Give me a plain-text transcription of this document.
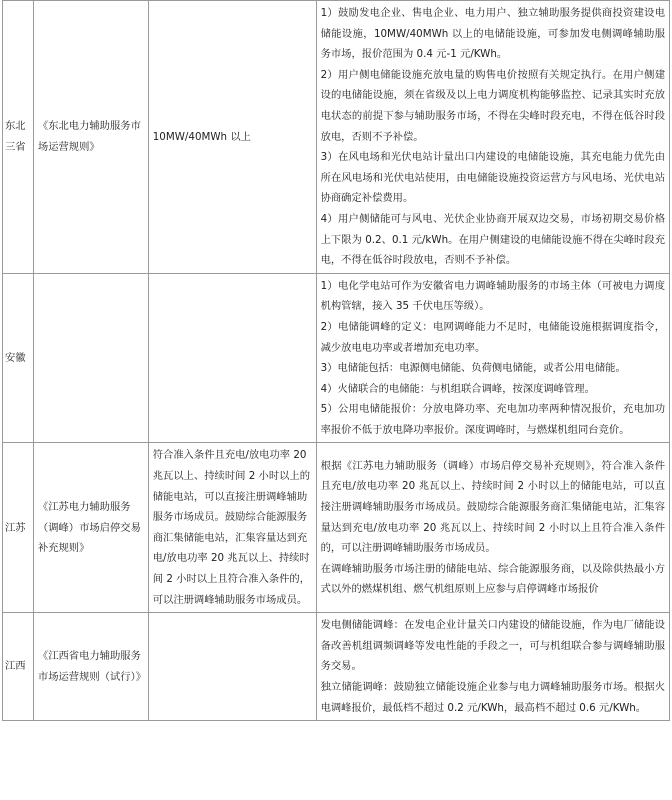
东北三省	《东北电力辅助服务市场运营规则》	10MW/40MWh 以上	1）鼓励发电企业、售电企业、电力用户、独立辅助服务提供商投资建设电储能设施，10MW/40MWh 以上的电储能设施，可参加发电侧调峰辅助服务市场，报价范围为 0.4 元-1 元/KWh。

2）用户侧电储能设施充放电量的购售电价按照有关规定执行。在用户侧建设的电储能设施，须在省级及以上电力调度机构能够监控、记录其实时充放电状态的前提下参与辅助服务市场，不得在尖峰时段充电，不得在低谷时段放电，否则不予补偿。

3）在风电场和光伏电站计量出口内建设的电储能设施，其充电能力优先由所在风电场和光伏电站使用，由电储能设施投资运营方与风电场、光伏电站协商确定补偿费用。

4）用户侧储能可与风电、光伏企业协商开展双边交易，市场初期交易价格上下限为 0.2、0.1 元/kWh。在用户侧建设的电储能设施不得在尖峰时段充电，不得在低谷时段放电，否则不予补偿。

安徽			1）电化学电站可作为安徽省电力调峰辅助服务的市场主体（可被电力调度机构管辖，接入 35 千伏电压等级）。

2）电储能调峰的定义：电网调峰能力不足时，电储能设施根据调度指令，减少放电电功率或者增加充电功率。

3）电储能包括：电源侧电储能、负荷侧电储能，或者公用电储能。

4）火储联合的电储能：与机组联合调峰，按深度调峰管理。

5）公用电储能报价：分放电降功率、充电加功率两种情况报价，充电加功率报价不低于放电降功率报价。深度调峰时，与燃煤机组同台竞价。

江苏	《江苏电力辅助服务（调峰）市场启停交易补充规则》	符合准入条件且充电/放电功率 20 兆瓦以上、持续时间 2 小时以上的储能电站，可以直接注册调峰辅助服务市场成员。鼓励综合能源服务商汇集储能电站，汇集容量达到充电/放电功率 20 兆瓦以上、持续时间 2 小时以上且符合准入条件的，可以注册调峰辅助服务市场成员。	根据《江苏电力辅助服务（调峰）市场启停交易补充规则》，符合准入条件且充电/放电功率 20 兆瓦以上、持续时间 2 小时以上的储能电站，可以直接注册调峰辅助服务市场成员。鼓励综合能源服务商汇集储能电站，汇集容量达到充电/放电功率 20 兆瓦以上、持续时间 2 小时以上且符合准入条件的，可以注册调峰辅助服务市场成员。

在调峰辅助服务市场注册的储能电站、综合能源服务商，以及除供热最小方式以外的燃煤机组、燃气机组原则上应参与启停调峰市场报价

江西	《江西省电力辅助服务市场运营规则（试行）》		发电侧储能调峰：在发电企业计量关口内建设的储能设施，作为电厂储能设备改善机组调频调峰等发电性能的手段之一，可与机组联合参与调峰辅助服务交易。

独立储能调峰：鼓励独立储能设施企业参与电力调峰辅助服务市场。根据火电调峰报价，最低档不超过 0.2 元/KWh，最高档不超过 0.6 元/KWh。
